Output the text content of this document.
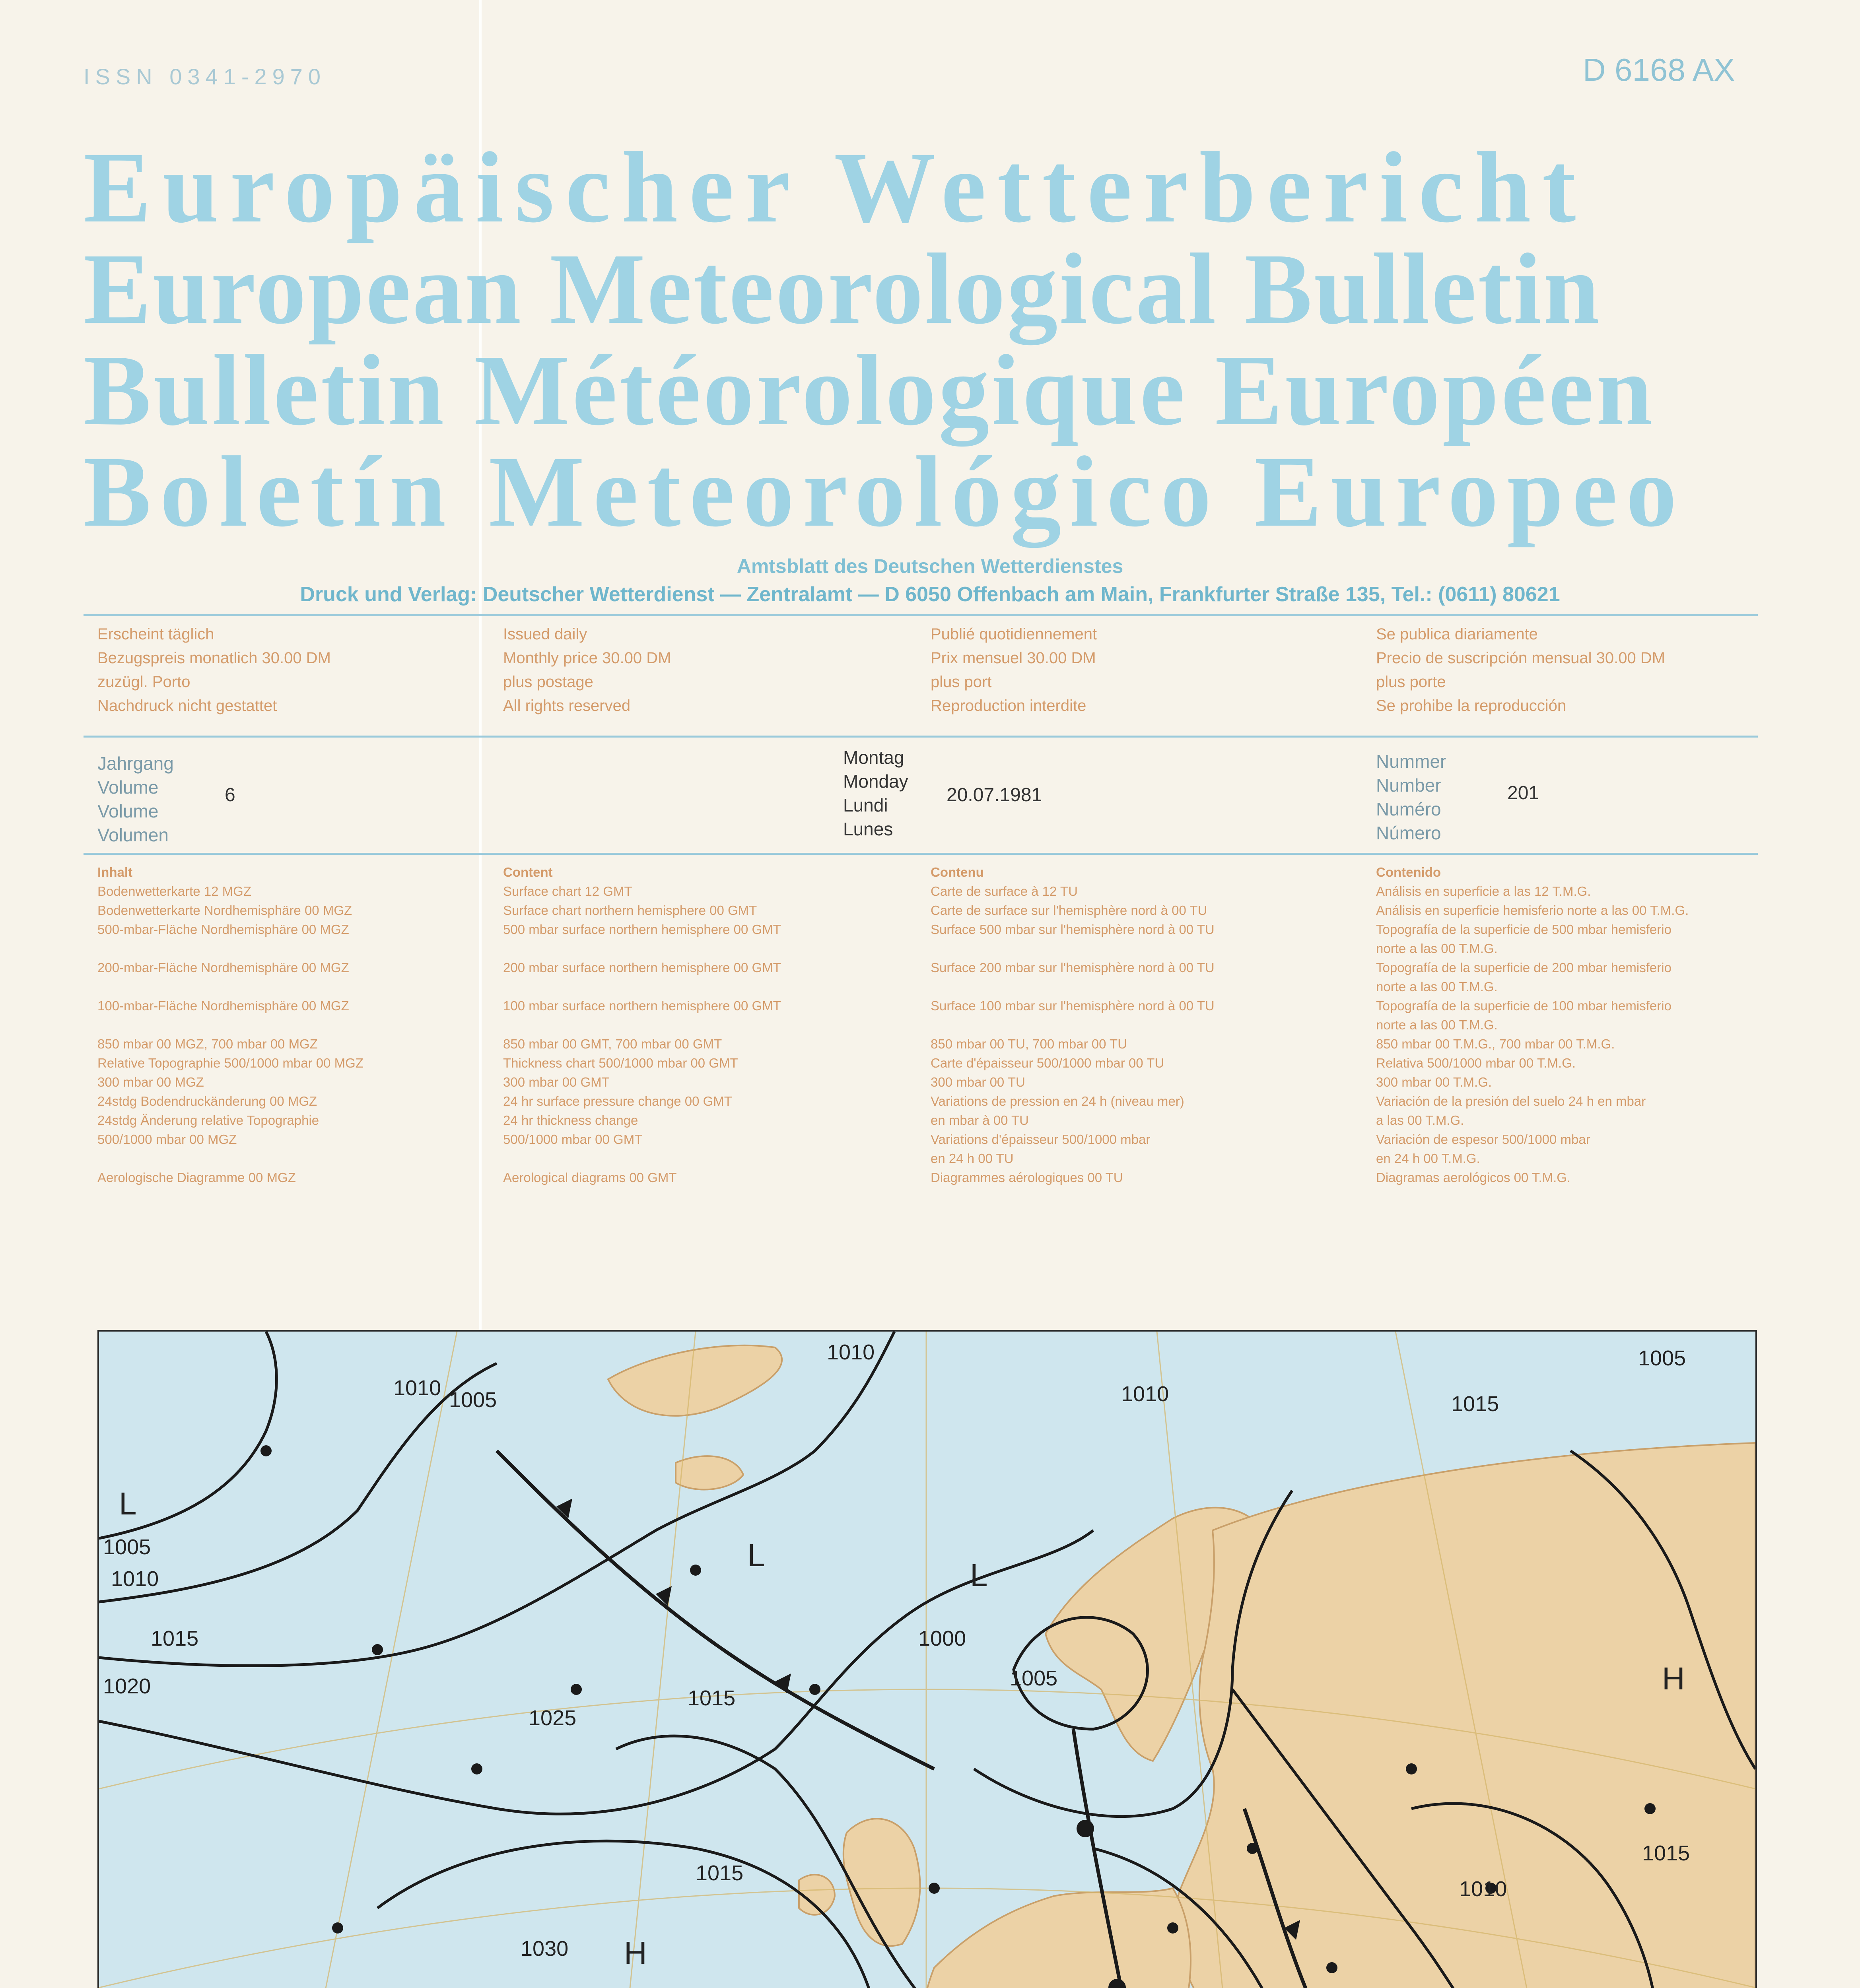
ISSN 0341-2970	D 6168 AX
Europäischer Wetterbericht
European Meteorological Bulletin
Bulletin Météorologique Européen
Boletín Meteorológico Europeo
Amtsblatt des Deutschen Wetterdienstes
Druck und Verlag: Deutscher Wetterdienst — Zentralamt — D 6050 Offenbach am Main, Frankfurter Straße 135, Tel.: (0611) 80621
Erscheint täglich
Bezugspreis monatlich 30.00 DM
zuzügl. Porto
Nachdruck nicht gestattet
Issued daily
Monthly price 30.00 DM
plus postage
All rights reserved
Publié quotidiennement
Prix mensuel 30.00 DM
plus port
Reproduction interdite
Se publica diariamente
Precio de suscripción mensual 30.00 DM
plus porte
Se prohibe la reproducción
Jahrgang
Volume
Volume
Volumen
6
Montag
Monday
Lundi
Lunes
20.07.1981
Nummer
Number
Numéro
Número
201
Inhalt
Bodenwetterkarte 12 MGZ
Bodenwetterkarte Nordhemisphäre 00 MGZ
500-mbar-Fläche Nordhemisphäre 00 MGZ
200-mbar-Fläche Nordhemisphäre 00 MGZ
100-mbar-Fläche Nordhemisphäre 00 MGZ
850 mbar 00 MGZ, 700 mbar 00 MGZ
Relative Topographie 500/1000 mbar 00 MGZ
300 mbar 00 MGZ
24stdg Bodendruckänderung 00 MGZ
24stdg Änderung relative Topographie
500/1000 mbar 00 MGZ
Aerologische Diagramme 00 MGZ
Content
Surface chart 12 GMT
Surface chart northern hemisphere 00 GMT
500 mbar surface northern hemisphere 00 GMT
200 mbar surface northern hemisphere 00 GMT
100 mbar surface northern hemisphere 00 GMT
850 mbar 00 GMT, 700 mbar 00 GMT
Thickness chart 500/1000 mbar 00 GMT
300 mbar 00 GMT
24 hr surface pressure change 00 GMT
24 hr thickness change
500/1000 mbar 00 GMT
Aerological diagrams 00 GMT
Contenu
Carte de surface à 12 TU
Carte de surface sur l'hemisphère nord à 00 TU
Surface 500 mbar sur l'hemisphère nord à 00 TU
Surface 200 mbar sur l'hemisphère nord à 00 TU
Surface 100 mbar sur l'hemisphère nord à 00 TU
850 mbar 00 TU, 700 mbar 00 TU
Carte d'épaisseur 500/1000 mbar 00 TU
300 mbar 00 TU
Variations de pression en 24 h (niveau mer)
en mbar à 00 TU
Variations d'épaisseur 500/1000 mbar
en 24 h 00 TU
Diagrammes aérologiques 00 TU
Contenido
Análisis en superficie a las 12 T.M.G.
Análisis en superficie hemisferio norte a las 00 T.M.G.
Topografía de la superficie de 500 mbar hemisferio
norte a las 00 T.M.G.
Topografía de la superficie de 200 mbar hemisferio
norte a las 00 T.M.G.
Topografía de la superficie de 100 mbar hemisferio
norte a las 00 T.M.G.
850 mbar 00 T.M.G., 700 mbar 00 T.M.G.
Relativa 500/1000 mbar 00 T.M.G.
300 mbar 00 T.M.G.
Variación de la presión del suelo 24 h en mbar
a las 00 T.M.G.
Variación de espesor 500/1000 mbar
en 24 h 00 T.M.G.
Diagramas aerológicos 00 T.M.G.
1010
1005
1010	1010
1005
1010
1005
1015
1020
1015
1025
1015
1000
1005
1015
1030
1010
1015
L
L
H
H
L
